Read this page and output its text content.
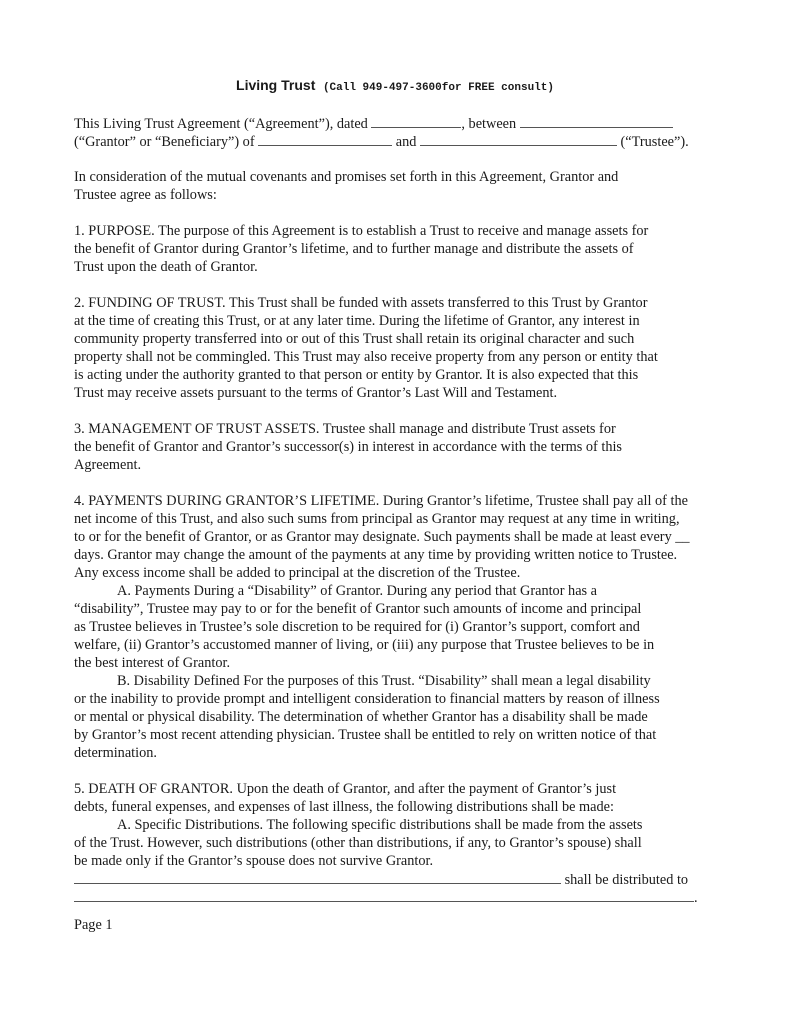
Living Trust (Call 949-497-3600for FREE consult)
This Living Trust Agreement (“Agreement”), dated	, between
(“Grantor” or “Beneficiary”) of	and	(“Trustee”).
In consideration of the mutual covenants and promises set forth in this Agreement, Grantor and
Trustee agree as follows:
1. PURPOSE. The purpose of this Agreement is to establish a Trust to receive and manage assets for
the benefit of Grantor during Grantor’s lifetime, and to further manage and distribute the assets of
Trust upon the death of Grantor.
2. FUNDING OF TRUST. This Trust shall be funded with assets transferred to this Trust by Grantor
at the time of creating this Trust, or at any later time. During the lifetime of Grantor, any interest in
community property transferred into or out of this Trust shall retain its original character and such
property shall not be commingled. This Trust may also receive property from any person or entity that
is acting under the authority granted to that person or entity by Grantor. It is also expected that this
Trust may receive assets pursuant to the terms of Grantor’s Last Will and Testament.
3. MANAGEMENT OF TRUST ASSETS. Trustee shall manage and distribute Trust assets for
the benefit of Grantor and Grantor’s successor(s) in interest in accordance with the terms of this
Agreement.
4. PAYMENTS DURING GRANTOR’S LIFETIME. During Grantor’s lifetime, Trustee shall pay all of the
net income of this Trust, and also such sums from principal as Grantor may request at any time in writing,
to or for the benefit of Grantor, or as Grantor may designate. Such payments shall be made at least every __
days. Grantor may change the amount of the payments at any time by providing written notice to Trustee.
Any excess income shall be added to principal at the discretion of the Trustee.
A. Payments During a “Disability” of Grantor. During any period that Grantor has a
“disability”, Trustee may pay to or for the benefit of Grantor such amounts of income and principal
as Trustee believes in Trustee’s sole discretion to be required for (i) Grantor’s support, comfort and
welfare, (ii) Grantor’s accustomed manner of living, or (iii) any purpose that Trustee believes to be in
the best interest of Grantor.
B. Disability Defined For the purposes of this Trust. “Disability” shall mean a legal disability
or the inability to provide prompt and intelligent consideration to financial matters by reason of illness
or mental or physical disability. The determination of whether Grantor has a disability shall be made
by Grantor’s most recent attending physician. Trustee shall be entitled to rely on written notice of that
determination.
5. DEATH OF GRANTOR. Upon the death of Grantor, and after the payment of Grantor’s just
debts, funeral expenses, and expenses of last illness, the following distributions shall be made:
A. Specific Distributions. The following specific distributions shall be made from the assets
of the Trust. However, such distributions (other than distributions, if any, to Grantor’s spouse) shall
be made only if the Grantor’s spouse does not survive Grantor.
shall be distributed to
.
Page 1
